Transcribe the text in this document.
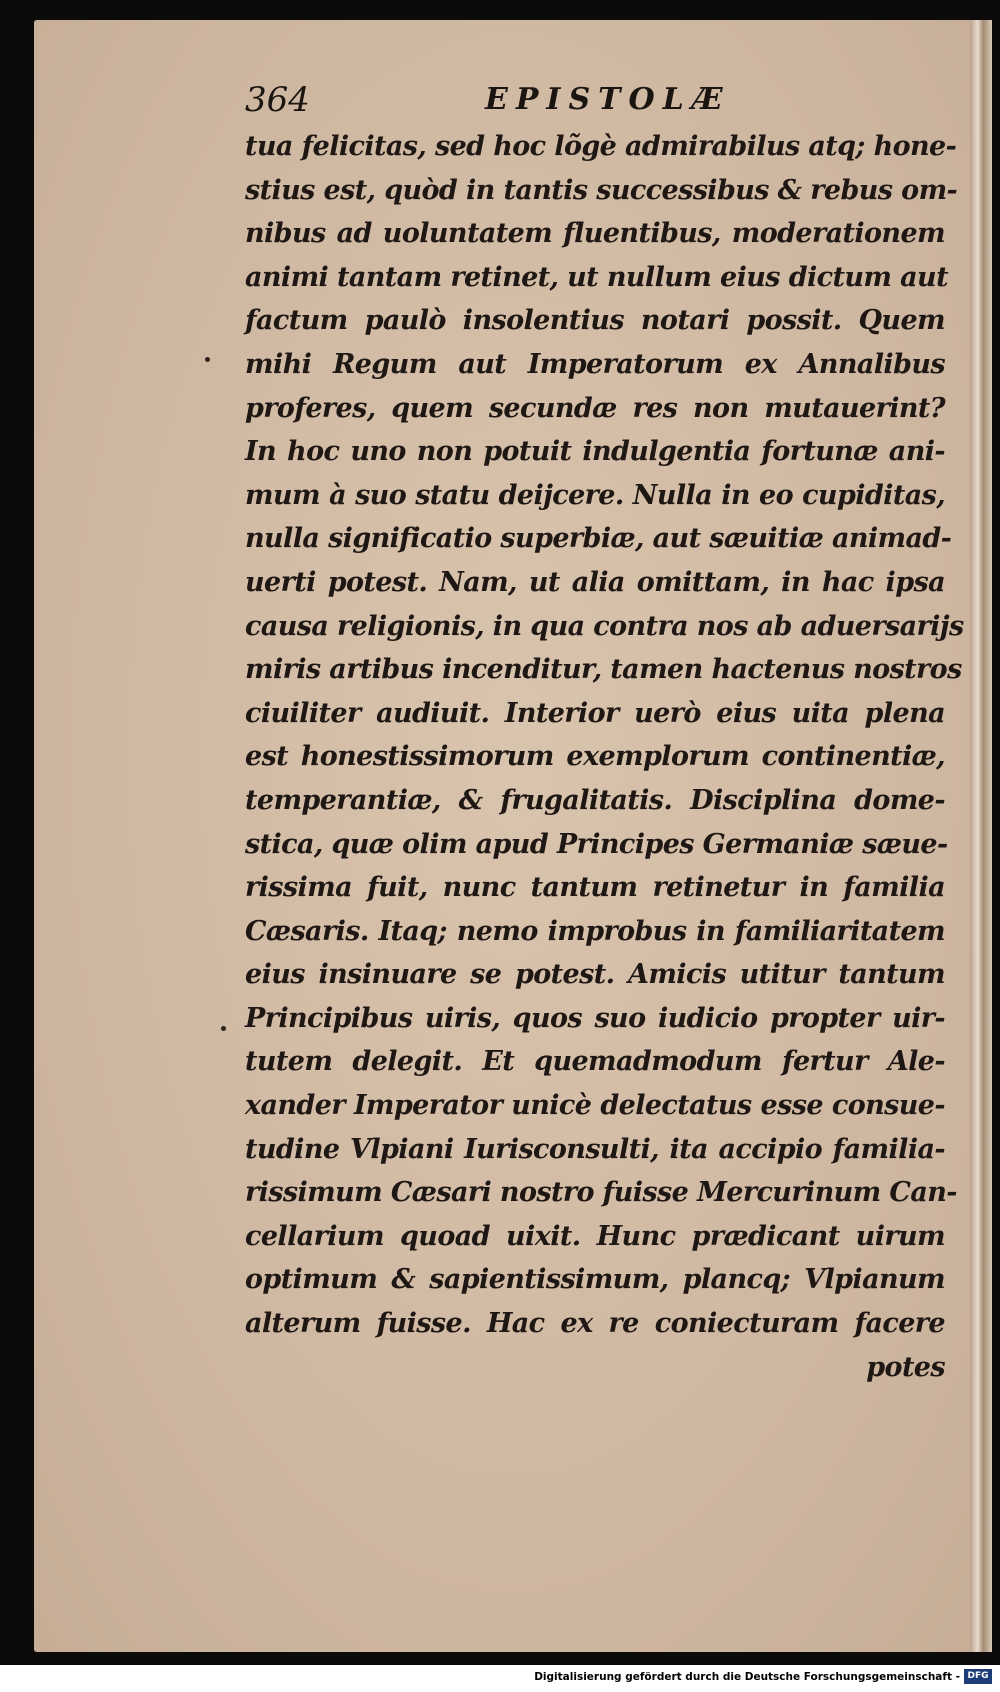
364	EPISTOLÆ
tua felicitas, sed hoc lõgè admirabilus atq; hone-
stius est, quòd in tantis successibus & rebus om-
nibus ad uoluntatem fluentibus, moderationem
animi tantam retinet, ut nullum eius dictum aut
factum paulò insolentius notari possit. Quem
mihi Regum aut Imperatorum ex Annalibus
proferes, quem secundæ res non mutauerint?
In hoc uno non potuit indulgentia fortunæ ani-
mum à suo statu deijcere. Nulla in eo cupiditas,
nulla significatio superbiæ, aut sæuitiæ animad-
uerti potest. Nam, ut alia omittam, in hac ipsa
causa religionis, in qua contra nos ab aduersarijs
miris artibus incenditur, tamen hactenus nostros
ciuiliter audiuit. Interior uerò eius uita plena
est honestissimorum exemplorum continentiæ,
temperantiæ, & frugalitatis. Disciplina dome-
stica, quæ olim apud Principes Germaniæ sæue-
rissima fuit, nunc tantum retinetur in familia
Cæsaris. Itaq; nemo improbus in familiaritatem
eius insinuare se potest. Amicis utitur tantum
Principibus uiris, quos suo iudicio propter uir-
tutem delegit. Et quemadmodum fertur Ale-
xander Imperator unicè delectatus esse consue-
tudine Vlpiani Iurisconsulti, ita accipio familia-
rissimum Cæsari nostro fuisse Mercurinum Can-
cellarium quoad uixit. Hunc prædicant uirum
optimum & sapientissimum, plancq; Vlpianum
alterum fuisse. Hac ex re coniecturam facere
potes
Digitalisierung gefördert durch die Deutsche Forschungsgemeinschaft - DFG
